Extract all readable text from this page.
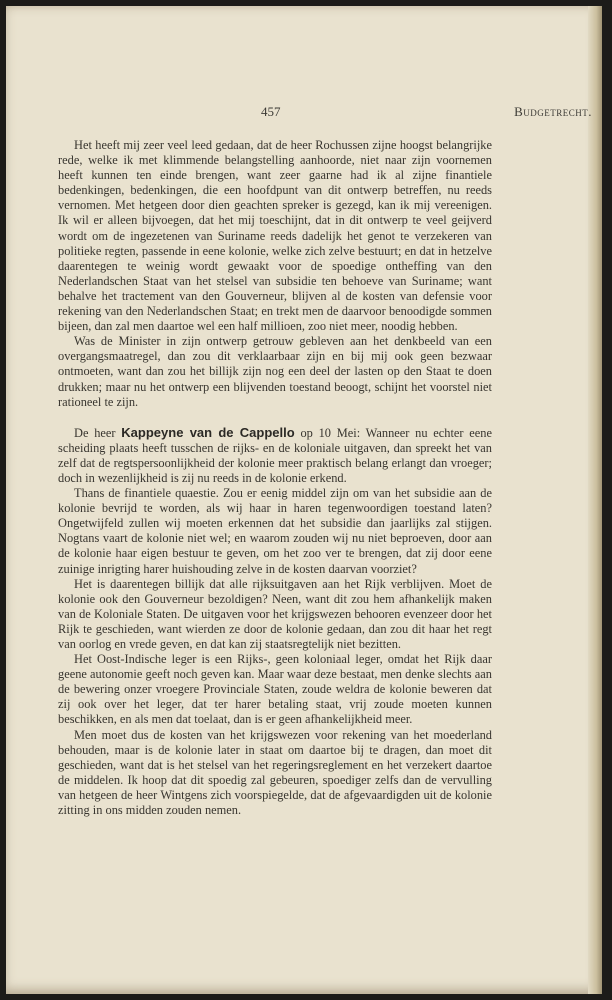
457	Budgetrecht.

Het heeft mij zeer veel leed gedaan, dat de heer Rochussen zijne hoogst belangrijke rede, welke ik met klimmende belangstelling aanhoorde, niet naar zijn voornemen heeft kunnen ten einde brengen, want zeer gaarne had ik al zijne finantiele bedenkingen, bedenkingen, die een hoofdpunt van dit ontwerp betreffen, nu reeds vernomen. Met hetgeen door dien geachten spreker is gezegd, kan ik mij vereenigen. Ik wil er alleen bijvoegen, dat het mij toeschijnt, dat in dit ontwerp te veel geijverd wordt om de ingezetenen van Suriname reeds dadelijk het genot te verzekeren van politieke regten, passende in eene kolonie, welke zich zelve bestuurt; en dat in hetzelve daarentegen te weinig wordt gewaakt voor de spoedige ontheffing van den Nederlandschen Staat van het stelsel van subsidie ten behoeve van Suriname; want behalve het tractement van den Gouverneur, blijven al de kosten van defensie voor rekening van den Nederlandschen Staat; en trekt men de daarvoor benoodigde sommen bijeen, dan zal men daartoe wel een half millioen, zoo niet meer, noodig hebben.

Was de Minister in zijn ontwerp getrouw gebleven aan het denkbeeld van een overgangsmaatregel, dan zou dit verklaarbaar zijn en bij mij ook geen bezwaar ontmoeten, want dan zou het billijk zijn nog een deel der lasten op den Staat te doen drukken; maar nu het ontwerp een blijvenden toestand beoogt, schijnt het voorstel niet rationeel te zijn.

De heer Kappeyne van de Cappello op 10 Mei: Wanneer nu echter eene scheiding plaats heeft tusschen de rijks- en de koloniale uitgaven, dan spreekt het van zelf dat de regtspersoonlijkheid der kolonie meer praktisch belang erlangt dan vroeger; doch in wezenlijkheid is zij nu reeds in de kolonie erkend.

Thans de finantiele quaestie. Zou er eenig middel zijn om van het subsidie aan de kolonie bevrijd te worden, als wij haar in haren tegenwoordigen toestand laten? Ongetwijfeld zullen wij moeten erkennen dat het subsidie dan jaarlijks zal stijgen. Nogtans vaart de kolonie niet wel; en waarom zouden wij nu niet beproeven, door aan de kolonie haar eigen bestuur te geven, om het zoo ver te brengen, dat zij door eene zuinige inrigting harer huishouding zelve in de kosten daarvan voorziet?

Het is daarentegen billijk dat alle rijksuitgaven aan het Rijk verblijven. Moet de kolonie ook den Gouverneur bezoldigen? Neen, want dit zou hem afhankelijk maken van de Koloniale Staten. De uitgaven voor het krijgswezen behooren evenzeer door het Rijk te geschieden, want wierden ze door de kolonie gedaan, dan zou dit haar het regt van oorlog en vrede geven, en dat kan zij staatsregtelijk niet bezitten.

Het Oost-Indische leger is een Rijks-, geen koloniaal leger, omdat het Rijk daar geene autonomie geeft noch geven kan. Maar waar deze bestaat, men denke slechts aan de bewering onzer vroegere Provinciale Staten, zoude weldra de kolonie beweren dat zij ook over het leger, dat ter harer betaling staat, vrij zoude moeten kunnen beschikken, en als men dat toelaat, dan is er geen afhankelijkheid meer.

Men moet dus de kosten van het krijgswezen voor rekening van het moederland behouden, maar is de kolonie later in staat om daartoe bij te dragen, dan moet dit geschieden, want dat is het stelsel van het regeringsreglement en het verzekert daartoe de middelen. Ik hoop dat dit spoedig zal gebeuren, spoediger zelfs dan de vervulling van hetgeen de heer Wintgens zich voorspiegelde, dat de afgevaardigden uit de kolonie zitting in ons midden zouden nemen.
